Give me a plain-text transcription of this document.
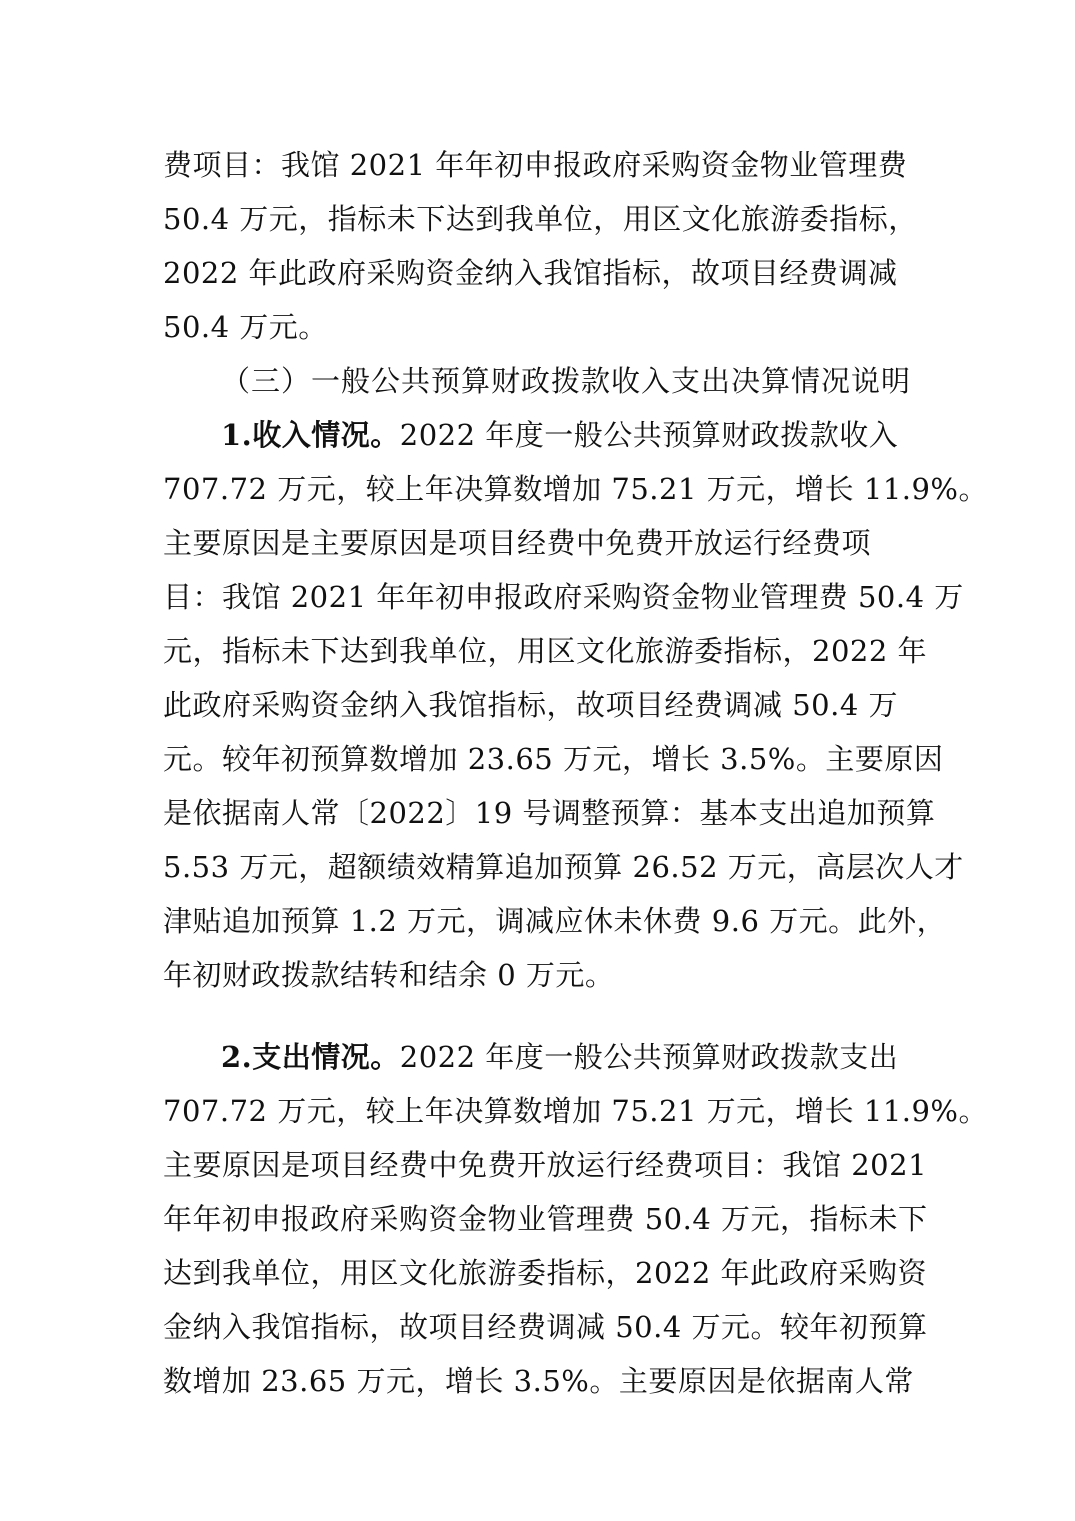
费项目：我馆 2021 年年初申报政府采购资金物业管理费
50.4 万元，指标未下达到我单位，用区文化旅游委指标，
2022 年此政府采购资金纳入我馆指标，故项目经费调减
50.4 万元。
（三）一般公共预算财政拨款收入支出决算情况说明
1.收入情况。2022 年度一般公共预算财政拨款收入
707.72 万元，较上年决算数增加 75.21 万元，增长 11.9%。
主要原因是主要原因是项目经费中免费开放运行经费项
目：我馆 2021 年年初申报政府采购资金物业管理费 50.4 万
元，指标未下达到我单位，用区文化旅游委指标，2022 年
此政府采购资金纳入我馆指标，故项目经费调减 50.4 万
元。较年初预算数增加 23.65 万元，增长 3.5%。主要原因
是依据南人常〔2022〕19 号调整预算：基本支出追加预算
5.53 万元，超额绩效精算追加预算 26.52 万元，高层次人才
津贴追加预算 1.2 万元，调减应休未休费 9.6 万元。此外，
年初财政拨款结转和结余 0 万元。
2.支出情况。2022 年度一般公共预算财政拨款支出
707.72 万元，较上年决算数增加 75.21 万元，增长 11.9%。
主要原因是项目经费中免费开放运行经费项目：我馆 2021
年年初申报政府采购资金物业管理费 50.4 万元，指标未下
达到我单位，用区文化旅游委指标，2022 年此政府采购资
金纳入我馆指标，故项目经费调减 50.4 万元。较年初预算
数增加 23.65 万元，增长 3.5%。主要原因是依据南人常
